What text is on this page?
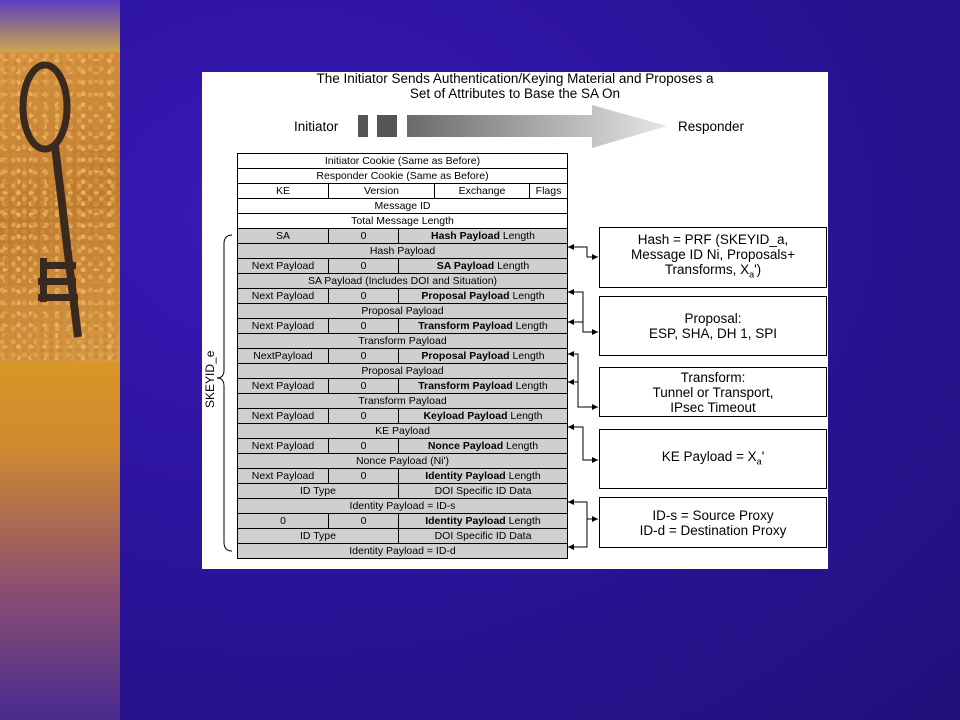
The Initiator Sends Authentication/Keying Material and Proposes a
Set of Attributes to Base the SA On
Initiator	Responder
SKEYID_e
Initiator Cookie (Same as Before)
Responder Cookie (Same as Before)
KE	Version	Exchange	Flags
Message ID
Total Message Length
SA	0	Hash Payload Length
Hash Payload
Next Payload	0	SA Payload Length
SA Payload (Includes DOI and Situation)
Next Payload	0	Proposal Payload Length
Proposal Payload
Next Payload	0	Transform Payload Length
Transform Payload
NextPayload	0	Proposal Payload Length
Proposal Payload
Next Payload	0	Transform Payload Length
Transform Payload
Next Payload	0	Keyload Payload Length
KE Payload
Next Payload	0	Nonce Payload Length
Nonce Payload (Ni')
Next Payload	0	Identity Payload Length
ID Type	DOI Specific ID Data
Identity Payload = ID-s
0	0	Identity Payload Length
ID Type	DOI Specific ID Data
Identity Payload = ID-d
Hash = PRF (SKEYID_a,
Message ID Ni, Proposals+
Transforms, $X_a'$)
Proposal:
ESP, SHA, DH 1, SPI
Transform:
Tunnel or Transport,
IPsec Timeout
KE Payload = $X_a'$
ID-s = Source Proxy
ID-d = Destination Proxy
